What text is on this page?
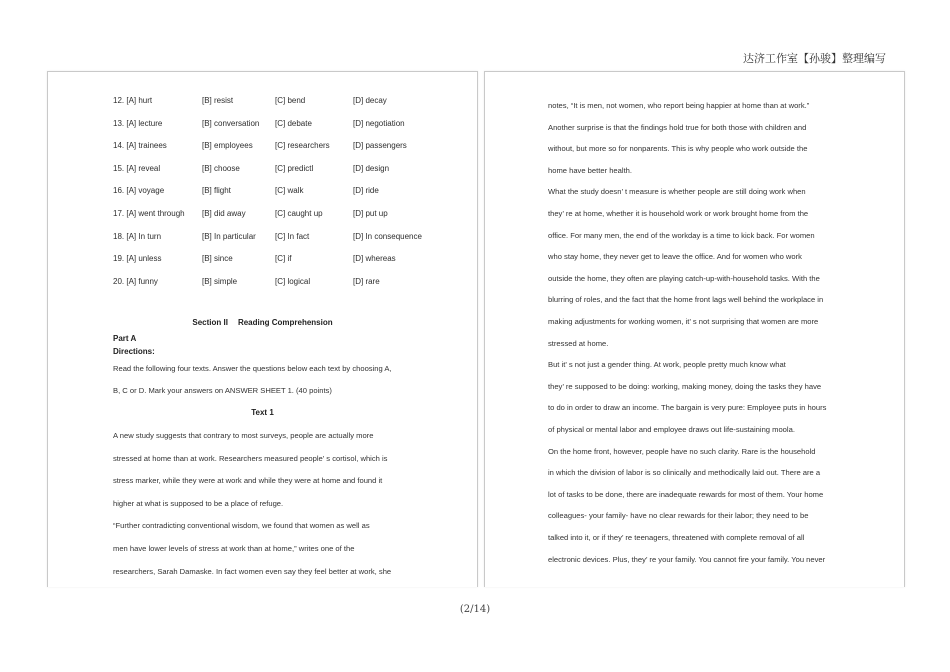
达济工作室【孙骏】整理编写
12. [A] hurt	[B] resist	[C] bend	[D] decay
13. [A] lecture	[B] conversation [C] debate	[D] negotiation
14. [A] trainees	[B] employees	[C] researchers	[D] passengers
15. [A] reveal	[B] choose	[C] predictl	[D] design
16. [A] voyage	[B] flight	[C] walk	[D] ride
17. [A] went through [B] did away	[C] caught up	[D] put up
18. [A] In turn	[B] In particular [C] In fact	[D] In consequence
19. [A] unless	[B] since	[C] if	[D] whereas
20. [A] funny	[B] simple	[C] logical	[D] rare
Section II Reading Comprehension
Part A
Directions:
Read the following four texts. Answer the questions below each text by choosing A,
B, C or D. Mark your answers on ANSWER SHEET 1. (40 points)
Text 1
A new study suggests that contrary to most surveys, people are actually more
stressed at home than at work. Researchers measured people’ s cortisol, which is
stress marker, while they were at work and while they were at home and found it
higher at what is supposed to be a place of refuge.
“Further contradicting conventional wisdom, we found that women as well as
men have lower levels of stress at work than at home,” writes one of the
researchers, Sarah Damaske. In fact women even say they feel better at work, she
notes, “It is men, not women, who report being happier at home than at work.”
Another surprise is that the findings hold true for both those with children and
without, but more so for nonparents. This is why people who work outside the
home have better health.
What the study doesn’ t measure is whether people are still doing work when
they’ re at home, whether it is household work or work brought home from the
office. For many men, the end of the workday is a time to kick back. For women
who stay home, they never get to leave the office. And for women who work
outside the home, they often are playing catch-up-with-household tasks. With the
blurring of roles, and the fact that the home front lags well behind the workplace in
making adjustments for working women, it’ s not surprising that women are more
stressed at home.
But it’ s not just a gender thing. At work, people pretty much know what
they’ re supposed to be doing: working, making money, doing the tasks they have
to do in order to draw an income. The bargain is very pure: Employee puts in hours
of physical or mental labor and employee draws out life-sustaining moola.
On the home front, however, people have no such clarity. Rare is the household
in which the division of labor is so clinically and methodically laid out. There are a
lot of tasks to be done, there are inadequate rewards for most of them. Your home
colleagues- your family- have no clear rewards for their labor; they need to be
talked into it, or if they’ re teenagers, threatened with complete removal of all
electronic devices. Plus, they’ re your family. You cannot fire your family. You never
(2/14)
